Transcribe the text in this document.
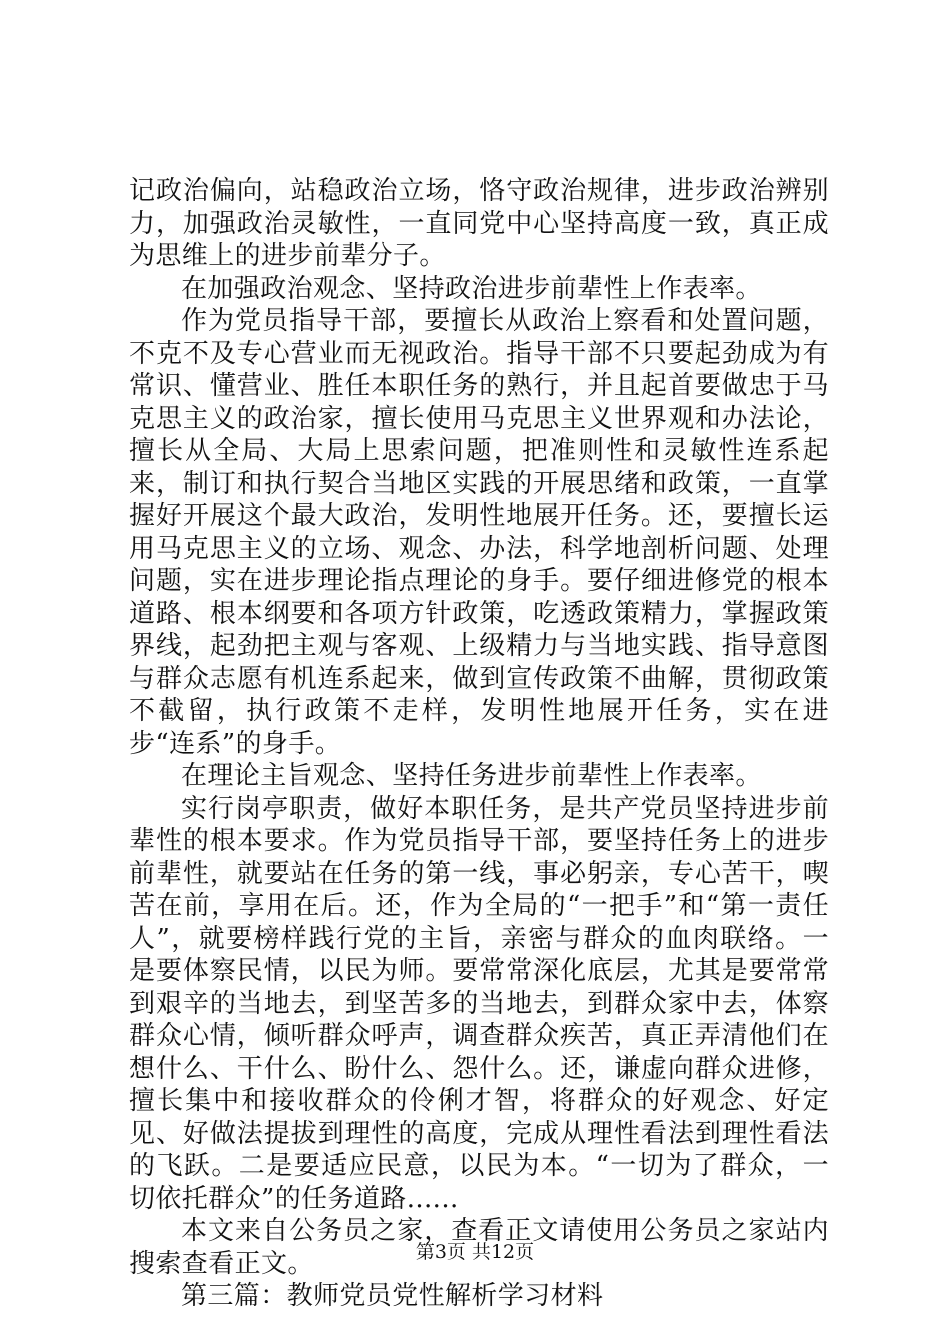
记政治偏向，站稳政治立场，恪守政治规律，进步政治辨别力，加强政治灵敏性，一直同党中心坚持高度一致，真正成为思维上的进步前辈分子。

在加强政治观念、坚持政治进步前辈性上作表率。

作为党员指导干部，要擅长从政治上察看和处置问题，不克不及专心营业而无视政治。指导干部不只要起劲成为有常识、懂营业、胜任本职任务的熟行，并且起首要做忠于马克思主义的政治家，擅长使用马克思主义世界观和办法论，擅长从全局、大局上思索问题，把准则性和灵敏性连系起来，制订和执行契合当地区实践的开展思绪和政策，一直掌握好开展这个最大政治，发明性地展开任务。还，要擅长运用马克思主义的立场、观念、办法，科学地剖析问题、处理问题，实在进步理论指点理论的身手。要仔细进修党的根本道路、根本纲要和各项方针政策，吃透政策精力，掌握政策界线，起劲把主观与客观、上级精力与当地实践、指导意图与群众志愿有机连系起来，做到宣传政策不曲解，贯彻政策不截留，执行政策不走样，发明性地展开任务，实在进步“连系”的身手。

在理论主旨观念、坚持任务进步前辈性上作表率。

实行岗亭职责，做好本职任务，是共产党员坚持进步前辈性的根本要求。作为党员指导干部，要坚持任务上的进步前辈性，就要站在任务的第一线，事必躬亲，专心苦干，喫苦在前，享用在后。还，作为全局的“一把手”和“第一责任人”，就要榜样践行党的主旨，亲密与群众的血肉联络。一是要体察民情，以民为师。要常常深化底层，尤其是要常常到艰辛的当地去，到坚苦多的当地去，到群众家中去，体察群众心情，倾听群众呼声，调查群众疾苦，真正弄清他们在想什么、干什么、盼什么、怨什么。还，谦虚向群众进修，擅长集中和接收群众的伶俐才智，将群众的好观念、好定见、好做法提拔到理性的高度，完成从理性看法到理性看法的飞跃。二是要适应民意，以民为本。“一切为了群众，一切依托群众”的任务道路......

本文来自公务员之家，查看正文请使用公务员之家站内搜索查看正文。

第三篇：教师党员党性解析学习材料

第3页 共12页
